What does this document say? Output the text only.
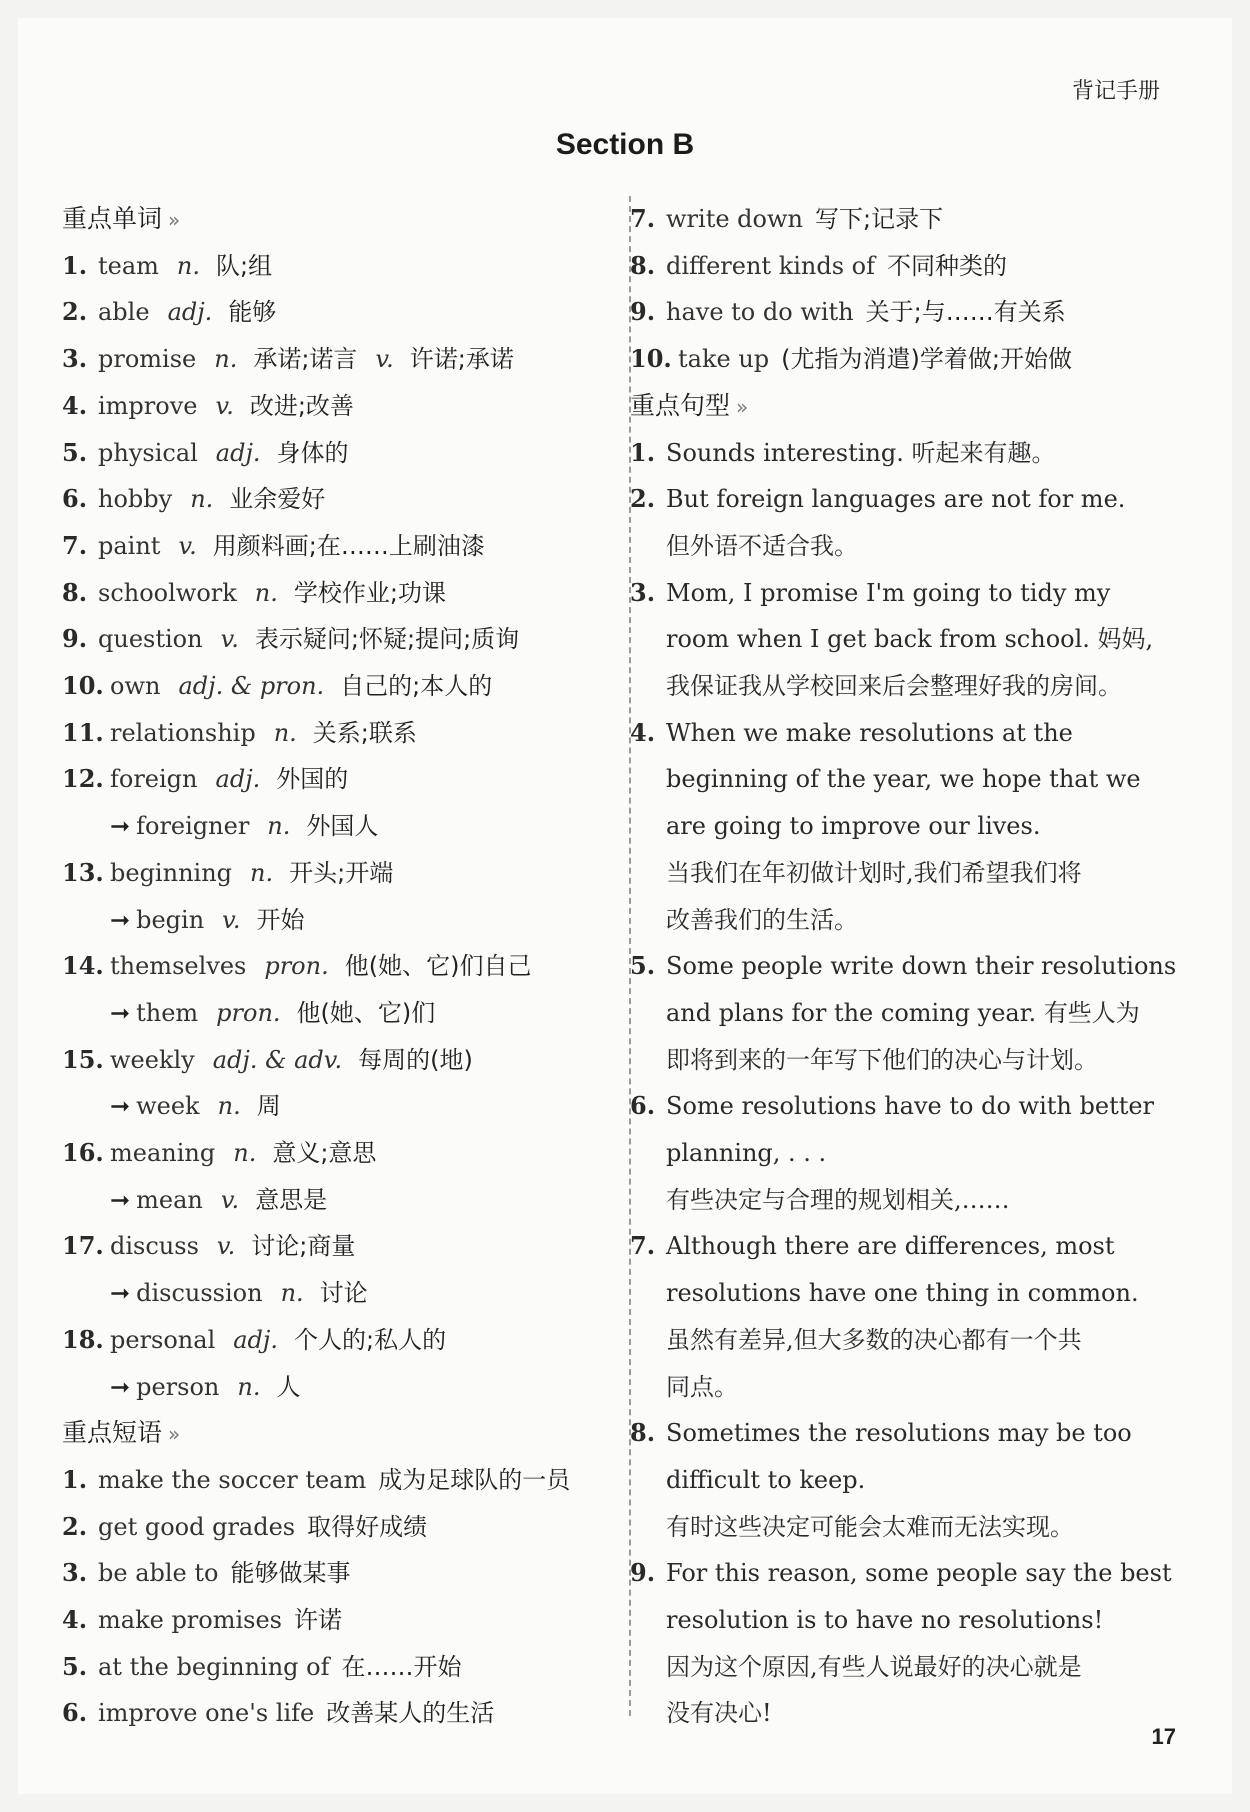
背记手册
Section B
重点单词 »
1. team n. 队;组
2. able adj. 能够
3. promise n. 承诺;诺言 v. 许诺;承诺
4. improve v. 改进;改善
5. physical adj. 身体的
6. hobby n. 业余爱好
7. paint v. 用颜料画;在……上刷油漆
8. schoolwork n. 学校作业;功课
9. question v. 表示疑问;怀疑;提问;质询
10. own adj. & pron. 自己的;本人的
11. relationship n. 关系;联系
12. foreign adj. 外国的
➞ foreigner n. 外国人
13. beginning n. 开头;开端
➞ begin v. 开始
14. themselves pron. 他(她、它)们自己
➞ them pron. 他(她、它)们
15. weekly adj. & adv. 每周的(地)
➞ week n. 周
16. meaning n. 意义;意思
➞ mean v. 意思是
17. discuss v. 讨论;商量
➞ discussion n. 讨论
18. personal adj. 个人的;私人的
➞ person n. 人
重点短语 »
1. make the soccer team 成为足球队的一员
2. get good grades 取得好成绩
3. be able to 能够做某事
4. make promises 许诺
5. at the beginning of 在……开始
6. improve one's life 改善某人的生活
7. write down 写下;记录下
8. different kinds of 不同种类的
9. have to do with 关于;与……有关系
10. take up (尤指为消遣)学着做;开始做
重点句型 »
1. Sounds interesting. 听起来有趣。
2. But foreign languages are not for me.
但外语不适合我。
3. Mom, I promise I'm going to tidy my
room when I get back from school. 妈妈,
我保证我从学校回来后会整理好我的房间。
4. When we make resolutions at the
beginning of the year, we hope that we
are going to improve our lives.
当我们在年初做计划时,我们希望我们将
改善我们的生活。
5. Some people write down their resolutions
and plans for the coming year. 有些人为
即将到来的一年写下他们的决心与计划。
6. Some resolutions have to do with better
planning, . . .
有些决定与合理的规划相关,……
7. Although there are differences, most
resolutions have one thing in common.
虽然有差异,但大多数的决心都有一个共
同点。
8. Sometimes the resolutions may be too
difficult to keep.
有时这些决定可能会太难而无法实现。
9. For this reason, some people say the best
resolution is to have no resolutions!
因为这个原因,有些人说最好的决心就是
没有决心!
17
